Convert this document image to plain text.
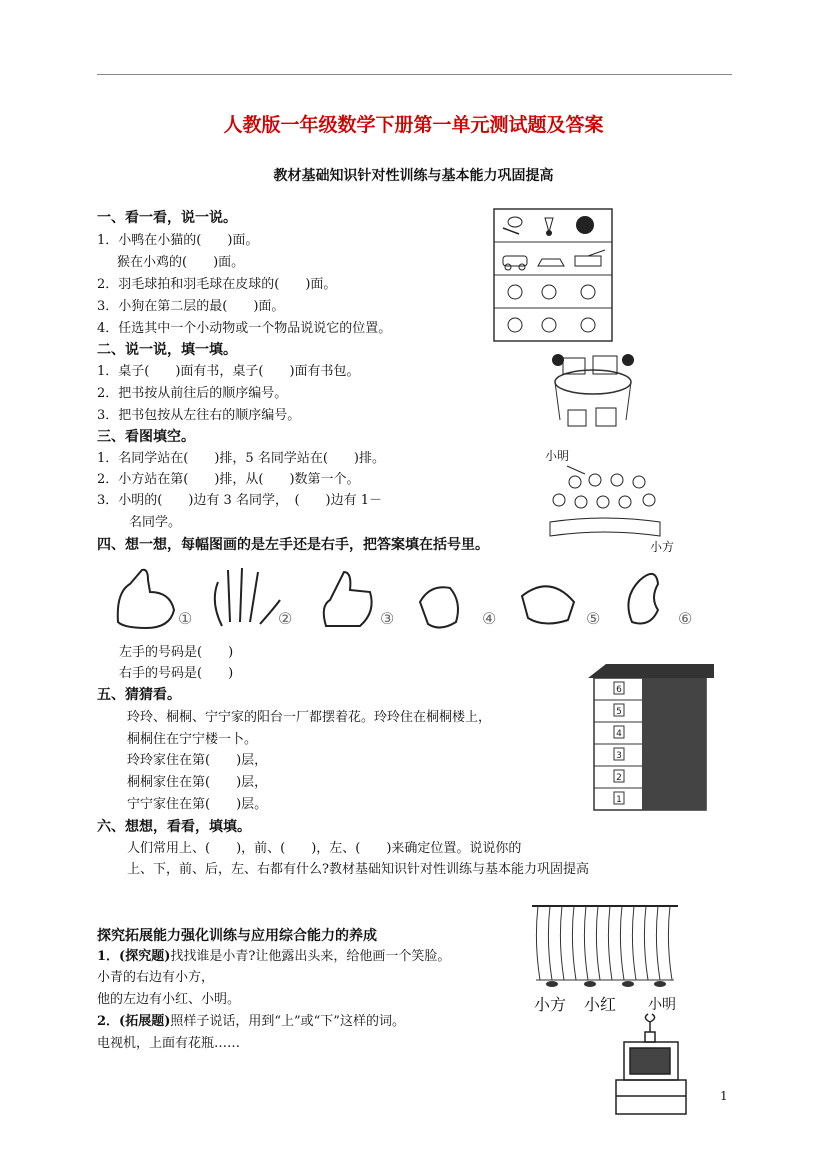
人教版一年级数学下册第一单元测试题及答案
教材基础知识针对性训练与基本能力巩固提高
一、看一看，说一说。
1．小鸭在小猫的(　　)面。
猴在小鸡的(　　)面。
2．羽毛球拍和羽毛球在皮球的(　　)面。
3．小狗在第二层的最(　　)面。
4．任选其中一个小动物或一个物品说说它的位置。
二、说一说，填一填。
1．桌子(　　)面有书，桌子(　　)面有书包。
2．把书按从前往后的顺序编号。
3．把书包按从左往右的顺序编号。
三、看图填空。
1．名同学站在(　　)排，5 名同学站在(　　)排。
2．小方站在第(　　)排，从(　　)数第一个。
3．小明的(　　)边有 3 名同学，　(　　)边有 1－
名同学。
小明
小方
四、想一想，每幅图画的是左手还是右手，把答案填在括号里。
①	②	③	④	⑤	⑥
左手的号码是(　　)
右手的号码是(　　)
五、猜猜看。
玲玲、桐桐、宁宁家的阳台一厂都摆着花。玲玲住在桐桐楼上，
桐桐住在宁宁楼一卜。
玲玲家住在第(　　)层，
桐桐家住在第(　　)层，
宁宁家住在第(　　)层。
6
5
4
3
2
1
六、想想，看看，填填。
人们常用上、(　　)，前、(　　)，左、(　　)来确定位置。说说你的
上、下，前、后，左、右都有什么?教材基础知识针对性训练与基本能力巩固提高
探究拓展能力强化训练与应用综合能力的养成
1．(探究题)找找谁是小青?让他露出头来，给他画一个笑脸。
小青的右边有小方，
他的左边有小红、小明。
2．(拓展题)照样子说话，用到“上”或“下”这样的词。
电视机，上面有花瓶……
小方 小红 小明
1
